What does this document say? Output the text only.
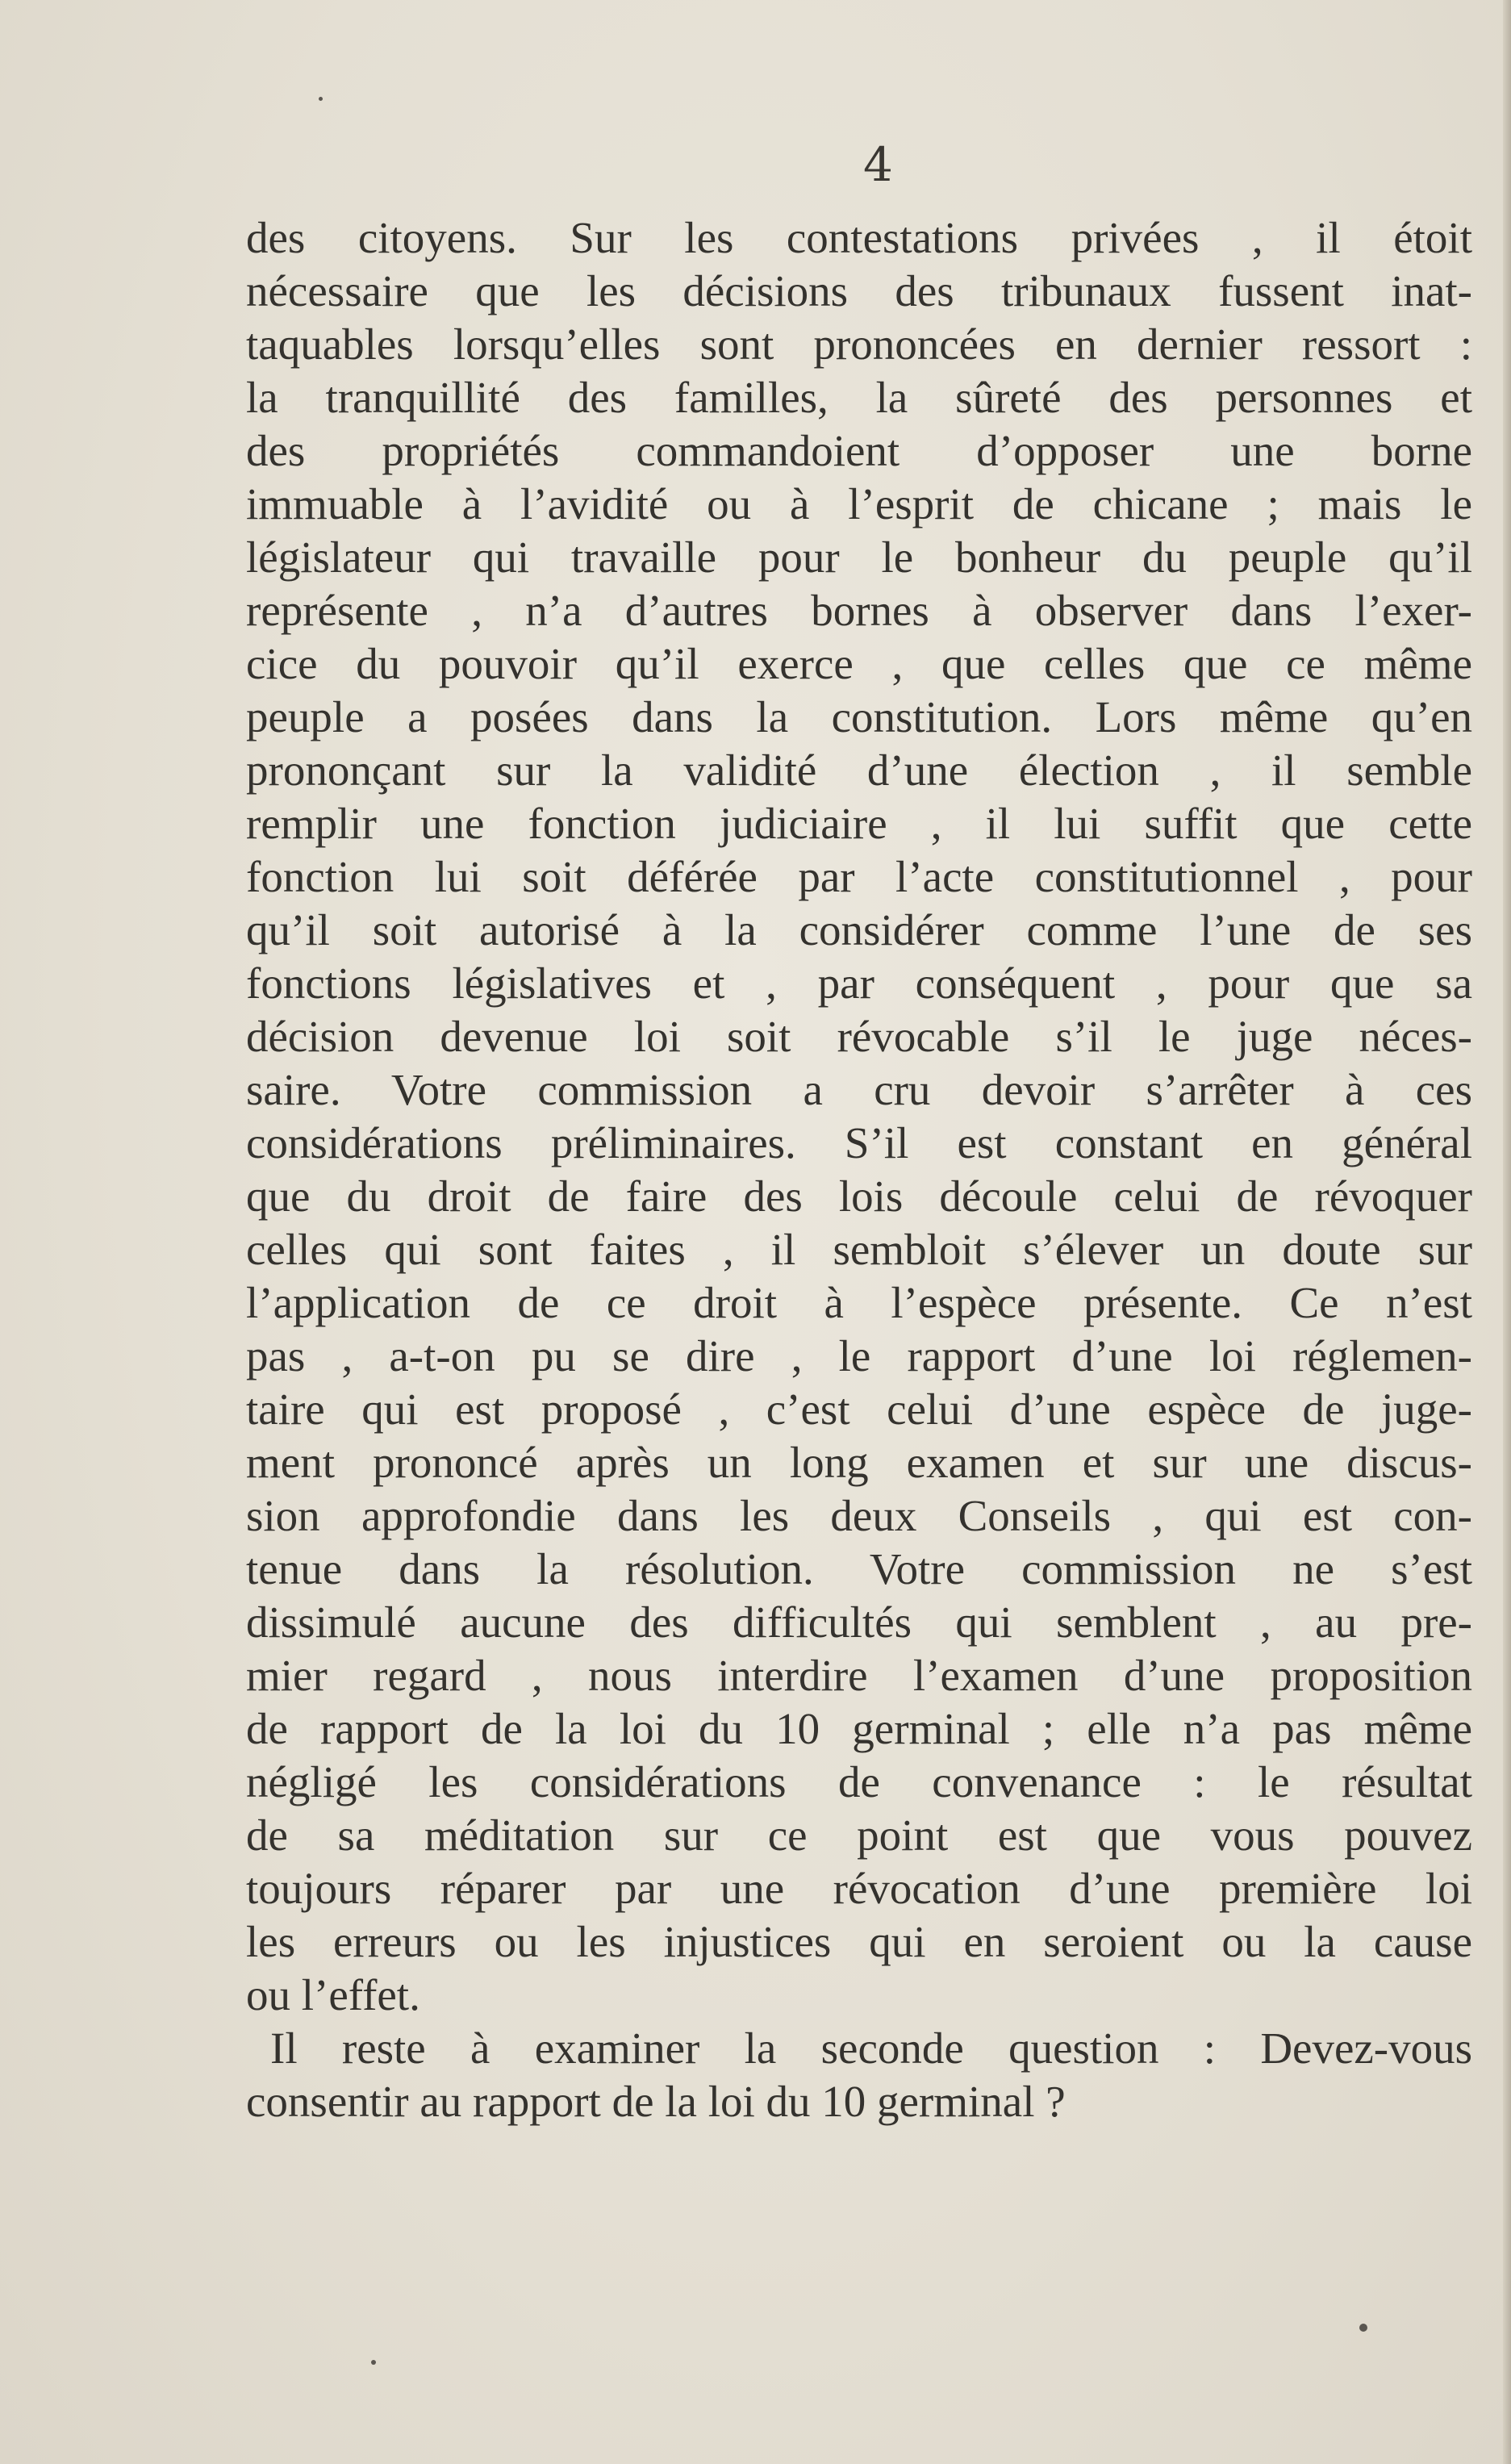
4
des citoyens. Sur les contestations privées , il étoit
nécessaire que les décisions des tribunaux fussent inat-
taquables lorsqu’elles sont prononcées en dernier ressort :
la tranquillité des familles, la sûreté des personnes et
des propriétés commandoient d’opposer une borne
immuable à l’avidité ou à l’esprit de chicane ; mais le
législateur qui travaille pour le bonheur du peuple qu’il
représente , n’a d’autres bornes à observer dans l’exer-
cice du pouvoir qu’il exerce , que celles que ce même
peuple a posées dans la constitution. Lors même qu’en
prononçant sur la validité d’une élection , il semble
remplir une fonction judiciaire , il lui suffit que cette
fonction lui soit déférée par l’acte constitutionnel , pour
qu’il soit autorisé à la considérer comme l’une de ses
fonctions législatives et , par conséquent , pour que sa
décision devenue loi soit révocable s’il le juge néces-
saire. Votre commission a cru devoir s’arrêter à ces
considérations préliminaires. S’il est constant en général
que du droit de faire des lois découle celui de révoquer
celles qui sont faites , il sembloit s’élever un doute sur
l’application de ce droit à l’espèce présente. Ce n’est
pas , a-t-on pu se dire , le rapport d’une loi réglemen-
taire qui est proposé , c’est celui d’une espèce de juge-
ment prononcé après un long examen et sur une discus-
sion approfondie dans les deux Conseils , qui est con-
tenue dans la résolution. Votre commission ne s’est
dissimulé aucune des difficultés qui semblent , au pre-
mier regard , nous interdire l’examen d’une proposition
de rapport de la loi du 10 germinal ; elle n’a pas même
négligé les considérations de convenance : le résultat
de sa méditation sur ce point est que vous pouvez
toujours réparer par une révocation d’une première loi
les erreurs ou les injustices qui en seroient ou la cause
ou l’effet.
Il reste à examiner la seconde question : Devez-vous
consentir au rapport de la loi du 10 germinal ?
